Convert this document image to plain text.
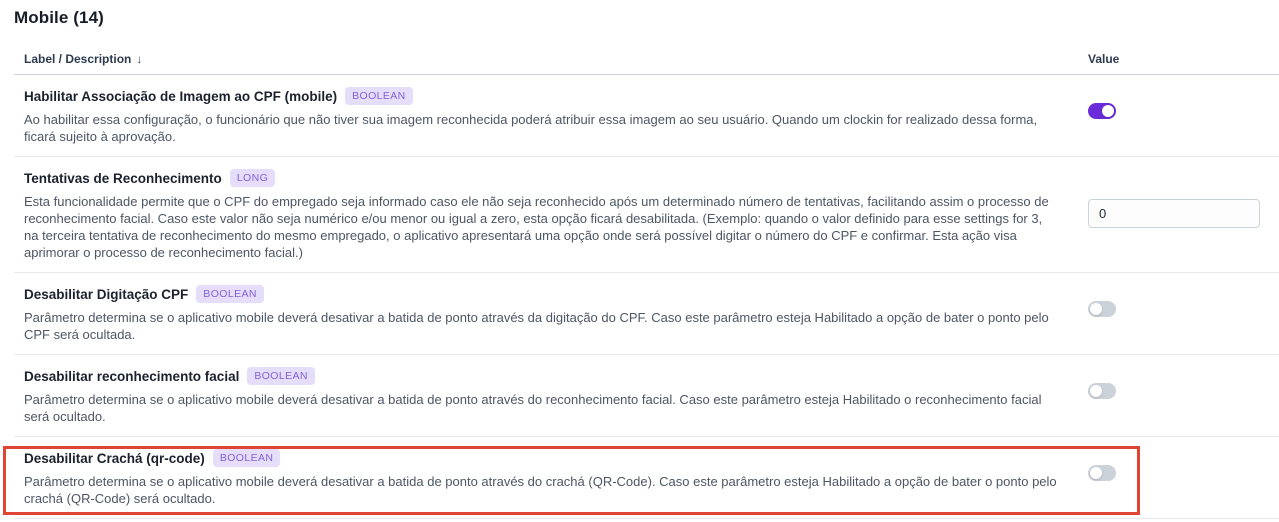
Mobile (14)
Label / Description ↓	Value
Habilitar Associação de Imagem ao CPF (mobile) BOOLEAN

Ao habilitar essa configuração, o funcionário que não tiver sua imagem reconhecida poderá atribuir essa imagem ao seu usuário. Quando um clockin for realizado dessa forma, ficará sujeito à aprovação.

Tentativas de Reconhecimento LONG

Esta funcionalidade permite que o CPF do empregado seja informado caso ele não seja reconhecido após um determinado número de tentativas, facilitando assim o processo de reconhecimento facial. Caso este valor não seja numérico e/ou menor ou igual a zero, esta opção ficará desabilitada. (Exemplo: quando o valor definido para esse settings for 3, na terceira tentativa de reconhecimento do mesmo empregado, o aplicativo apresentará uma opção onde será possível digitar o número do CPF e confirmar. Esta ação visa aprimorar o processo de reconhecimento facial.)

0
Desabilitar Digitação CPF BOOLEAN

Parâmetro determina se o aplicativo mobile deverá desativar a batida de ponto através da digitação do CPF. Caso este parâmetro esteja Habilitado a opção de bater o ponto pelo CPF será ocultada.

Desabilitar reconhecimento facial BOOLEAN

Parâmetro determina se o aplicativo mobile deverá desativar a batida de ponto através do reconhecimento facial. Caso este parâmetro esteja Habilitado o reconhecimento facial será ocultado.

Desabilitar Crachá (qr-code) BOOLEAN

Parâmetro determina se o aplicativo mobile deverá desativar a batida de ponto através do crachá (QR-Code). Caso este parâmetro esteja Habilitado a opção de bater o ponto pelo crachá (QR-Code) será ocultado.
